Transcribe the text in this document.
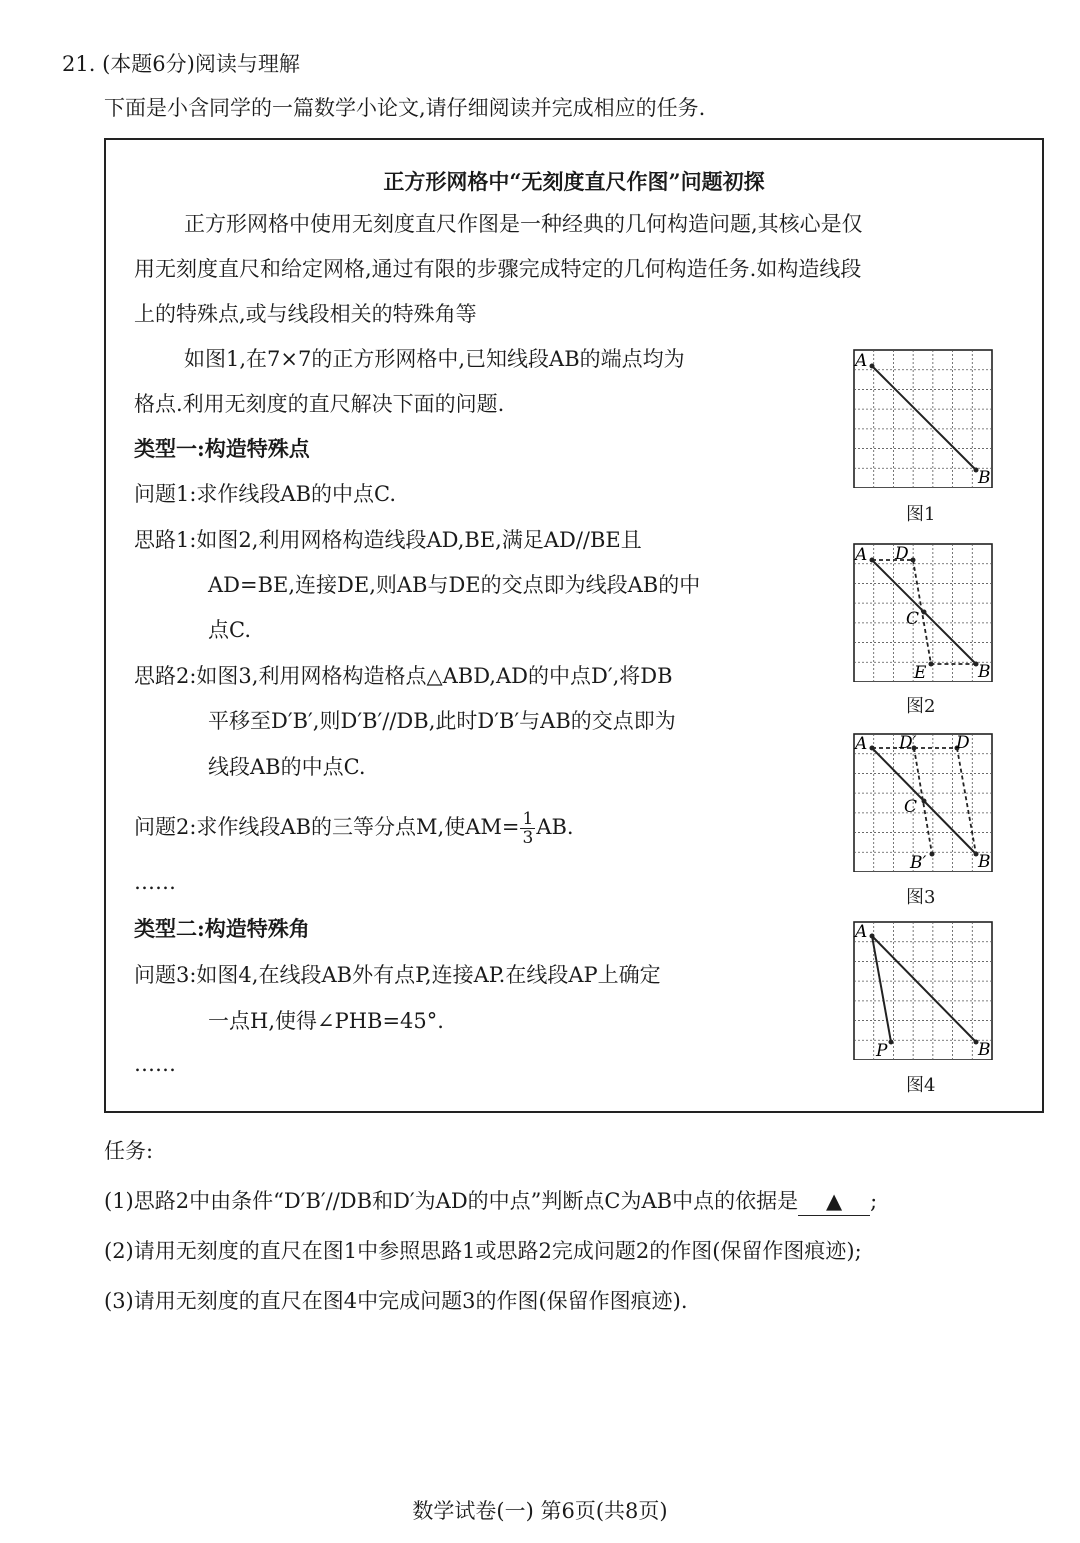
21. (本题6分)阅读与理解
下面是小含同学的一篇数学小论文,请仔细阅读并完成相应的任务.
正方形网格中“无刻度直尺作图”问题初探
正方形网格中使用无刻度直尺作图是一种经典的几何构造问题,其核心是仅
用无刻度直尺和给定网格,通过有限的步骤完成特定的几何构造任务.如构造线段
上的特殊点,或与线段相关的特殊角等
如图1,在7×7的正方形网格中,已知线段AB的端点均为
格点.利用无刻度的直尺解决下面的问题.
类型一:构造特殊点
问题1:求作线段AB的中点C.
思路1:如图2,利用网格构造线段AD,BE,满足AD//BE且
AD=BE,连接DE,则AB与DE的交点即为线段AB的中
点C.
思路2:如图3,利用网格构造格点△ABD,AD的中点D′,将DB
平移至D′B′,则D′B′//DB,此时D′B′与AB的交点即为
线段AB的中点C.
问题2:求作线段AB的三等分点M,使$AM= \frac{1}{3}$ AB.
……
类型二:构造特殊角
问题3:如图4,在线段AB外有点P,连接AP.在线段AP上确定
一点H,使得∠PHB=45°.
……
A
B
图1
A D
C
E	B
图2
A D′ D
C
B′	B
图3
A
P	B
图4
任务:
(1)思路2中由条件“D′B′//DB和D′为AD的中点”判断点C为AB中点的依据是 ▲ ;
(2)请用无刻度的直尺在图1中参照思路1或思路2完成问题2的作图(保留作图痕迹);
(3)请用无刻度的直尺在图4中完成问题3的作图(保留作图痕迹).
数学试卷(一) 第6页(共8页)
